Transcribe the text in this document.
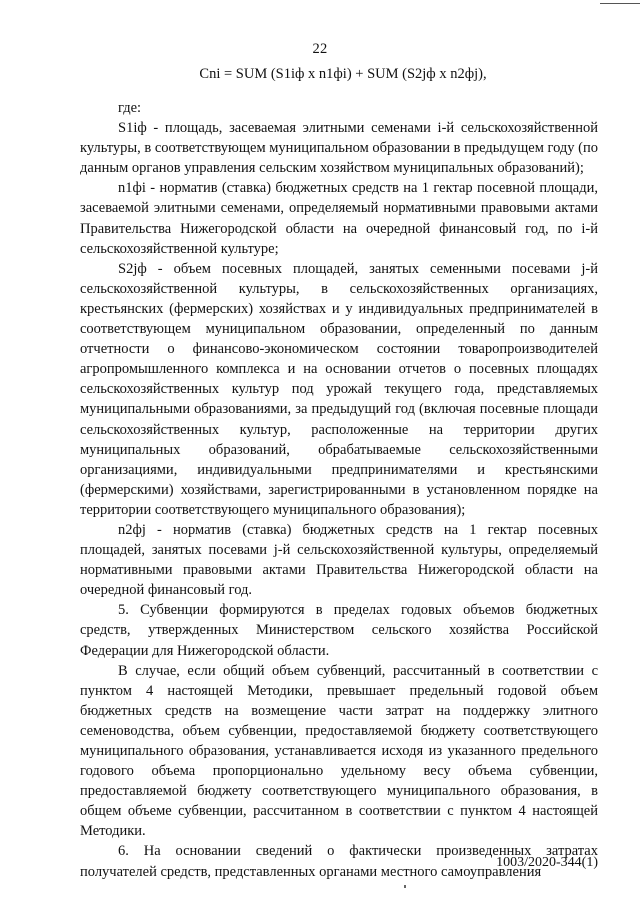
22
Cni = SUM (S1iф x n1фi) + SUM (S2jф x n2фj),

где:

S1iф - площадь, засеваемая элитными семенами i-й сельскохозяйственной культуры, в соответствующем муниципальном образовании в предыдущем году (по данным органов управления сельским хозяйством муниципальных образований);

n1фi - норматив (ставка) бюджетных средств на 1 гектар посевной площади, засеваемой элитными семенами, определяемый нормативными правовыми актами Правительства Нижегородской области на очередной финансовый год, по i-й сельскохозяйственной культуре;

S2jф - объем посевных площадей, занятых семенными посевами j-й сельскохозяйственной культуры, в сельскохозяйственных организациях, крестьянских (фермерских) хозяйствах и у индивидуальных предпринимателей в соответствующем муниципальном образовании, определенный по данным отчетности о финансово-экономическом состоянии товаропроизводителей агропромышленного комплекса и на основании отчетов о посевных площадях сельскохозяйственных культур под урожай текущего года, представляемых муниципальными образованиями, за предыдущий год (включая посевные площади сельскохозяйственных культур, расположенные на территории других муниципальных образований, обрабатываемые сельскохозяйственными организациями, индивидуальными предпринимателями и крестьянскими (фермерскими) хозяйствами, зарегистрированными в установленном порядке на территории соответствующего муниципального образования);

n2фj - норматив (ставка) бюджетных средств на 1 гектар посевных площадей, занятых посевами j-й сельскохозяйственной культуры, определяемый нормативными правовыми актами Правительства Нижегородской области на очередной финансовый год.

5. Субвенции формируются в пределах годовых объемов бюджетных средств, утвержденных Министерством сельского хозяйства Российской Федерации для Нижегородской области.

В случае, если общий объем субвенций, рассчитанный в соответствии с пунктом 4 настоящей Методики, превышает предельный годовой объем бюджетных средств на возмещение части затрат на поддержку элитного семеноводства, объем субвенции, предоставляемой бюджету соответствующего муниципального образования, устанавливается исходя из указанного предельного годового объема пропорционально удельному весу объема субвенции, предоставляемой бюджету соответствующего муниципального образования, в общем объеме субвенции, рассчитанном в соответствии с пунктом 4 настоящей Методики.

6. На основании сведений о фактически произведенных затратах получателей средств, представленных органами местного самоуправления

1003/2020-344(1)
